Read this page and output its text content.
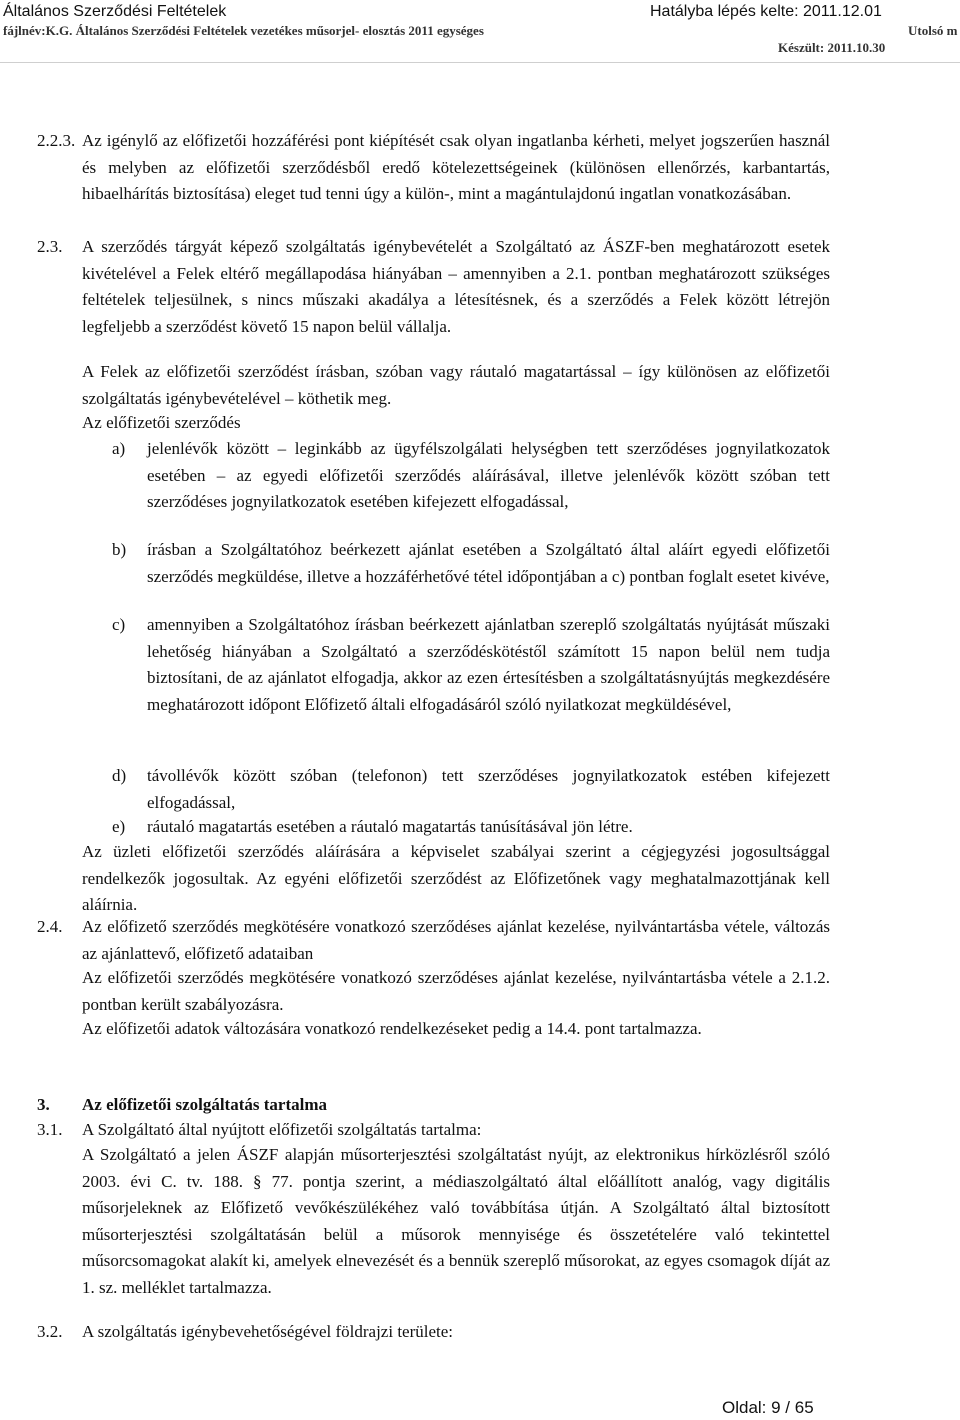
Általános Szerződési Feltételek	Hatályba lépés kelte: 2011.12.01
fájlnév:K.G. Általános Szerződési Feltételek vezetékes műsorjel- elosztás 2011 egységes	Utolsó m
Készült: 2011.10.30
2.2.3. Az igénylő az előfizetői hozzáférési pont kiépítését csak olyan ingatlanba kérheti, melyet jogszerűen használ és melyben az előfizetői szerződésből eredő kötelezettségeinek (különösen ellenőrzés, karbantartás, hibaelhárítás biztosítása) eleget tud tenni úgy a külön-, mint a magántulajdonú ingatlan vonatkozásában.
2.3. A szerződés tárgyát képező szolgáltatás igénybevételét a Szolgáltató az ÁSZF-ben meghatározott esetek kivételével a Felek eltérő megállapodása hiányában – amennyiben a 2.1. pontban meghatározott szükséges feltételek teljesülnek, s nincs műszaki akadálya a létesítésnek, és a szerződés a Felek között létrejön legfeljebb a szerződést követő 15 napon belül vállalja.
A Felek az előfizetői szerződést írásban, szóban vagy ráutaló magatartással – így különösen az előfizetői szolgáltatás igénybevételével – köthetik meg.
Az előfizetői szerződés
a) jelenlévők között – leginkább az ügyfélszolgálati helységben tett szerződéses jognyilatkozatok esetében – az egyedi előfizetői szerződés aláírásával, illetve jelenlévők között szóban tett szerződéses jognyilatkozatok esetében kifejezett elfogadással,
b) írásban a Szolgáltatóhoz beérkezett ajánlat esetében a Szolgáltató által aláírt egyedi előfizetői szerződés megküldése, illetve a hozzáférhetővé tétel időpontjában a c) pontban foglalt esetet kivéve,
c) amennyiben a Szolgáltatóhoz írásban beérkezett ajánlatban szereplő szolgáltatás nyújtását műszaki lehetőség hiányában a Szolgáltató a szerződéskötéstől számított 15 napon belül nem tudja biztosítani, de az ajánlatot elfogadja, akkor az ezen értesítésben a szolgáltatásnyújtás megkezdésére meghatározott időpont Előfizető általi elfogadásáról szóló nyilatkozat megküldésével,
d) távollévők között szóban (telefonon) tett szerződéses jognyilatkozatok estében kifejezett elfogadással,
e) ráutaló magatartás esetében a ráutaló magatartás tanúsításával jön létre.
Az üzleti előfizetői szerződés aláírására a képviselet szabályai szerint a cégjegyzési jogosultsággal rendelkezők jogosultak. Az egyéni előfizetői szerződést az Előfizetőnek vagy meghatalmazottjának kell aláírnia.
2.4. Az előfizető szerződés megkötésére vonatkozó szerződéses ajánlat kezelése, nyilvántartásba vétele, változás az ajánlattevő, előfizető adataiban
Az előfizetői szerződés megkötésére vonatkozó szerződéses ajánlat kezelése, nyilvántartásba vétele a 2.1.2. pontban került szabályozásra.
Az előfizetői adatok változására vonatkozó rendelkezéseket pedig a 14.4. pont tartalmazza.
3. Az előfizetői szolgáltatás tartalma
3.1. A Szolgáltató által nyújtott előfizetői szolgáltatás tartalma:
A Szolgáltató a jelen ÁSZF alapján műsorterjesztési szolgáltatást nyújt, az elektronikus hírközlésről szóló 2003. évi C. tv. 188. § 77. pontja szerint, a médiaszolgáltató által előállított analóg, vagy digitális műsorjeleknek az Előfizető vevőkészülékéhez való továbbítása útján. A Szolgáltató által biztosított műsorterjesztési szolgáltatásán belül a műsorok mennyisége és összetételére való tekintettel műsorcsomagokat alakít ki, amelyek elnevezését és a bennük szereplő műsorokat, az egyes csomagok díját az 1. sz. melléklet tartalmazza.
3.2. A szolgáltatás igénybevehetőségével földrajzi területe:
Oldal: 9 / 65
